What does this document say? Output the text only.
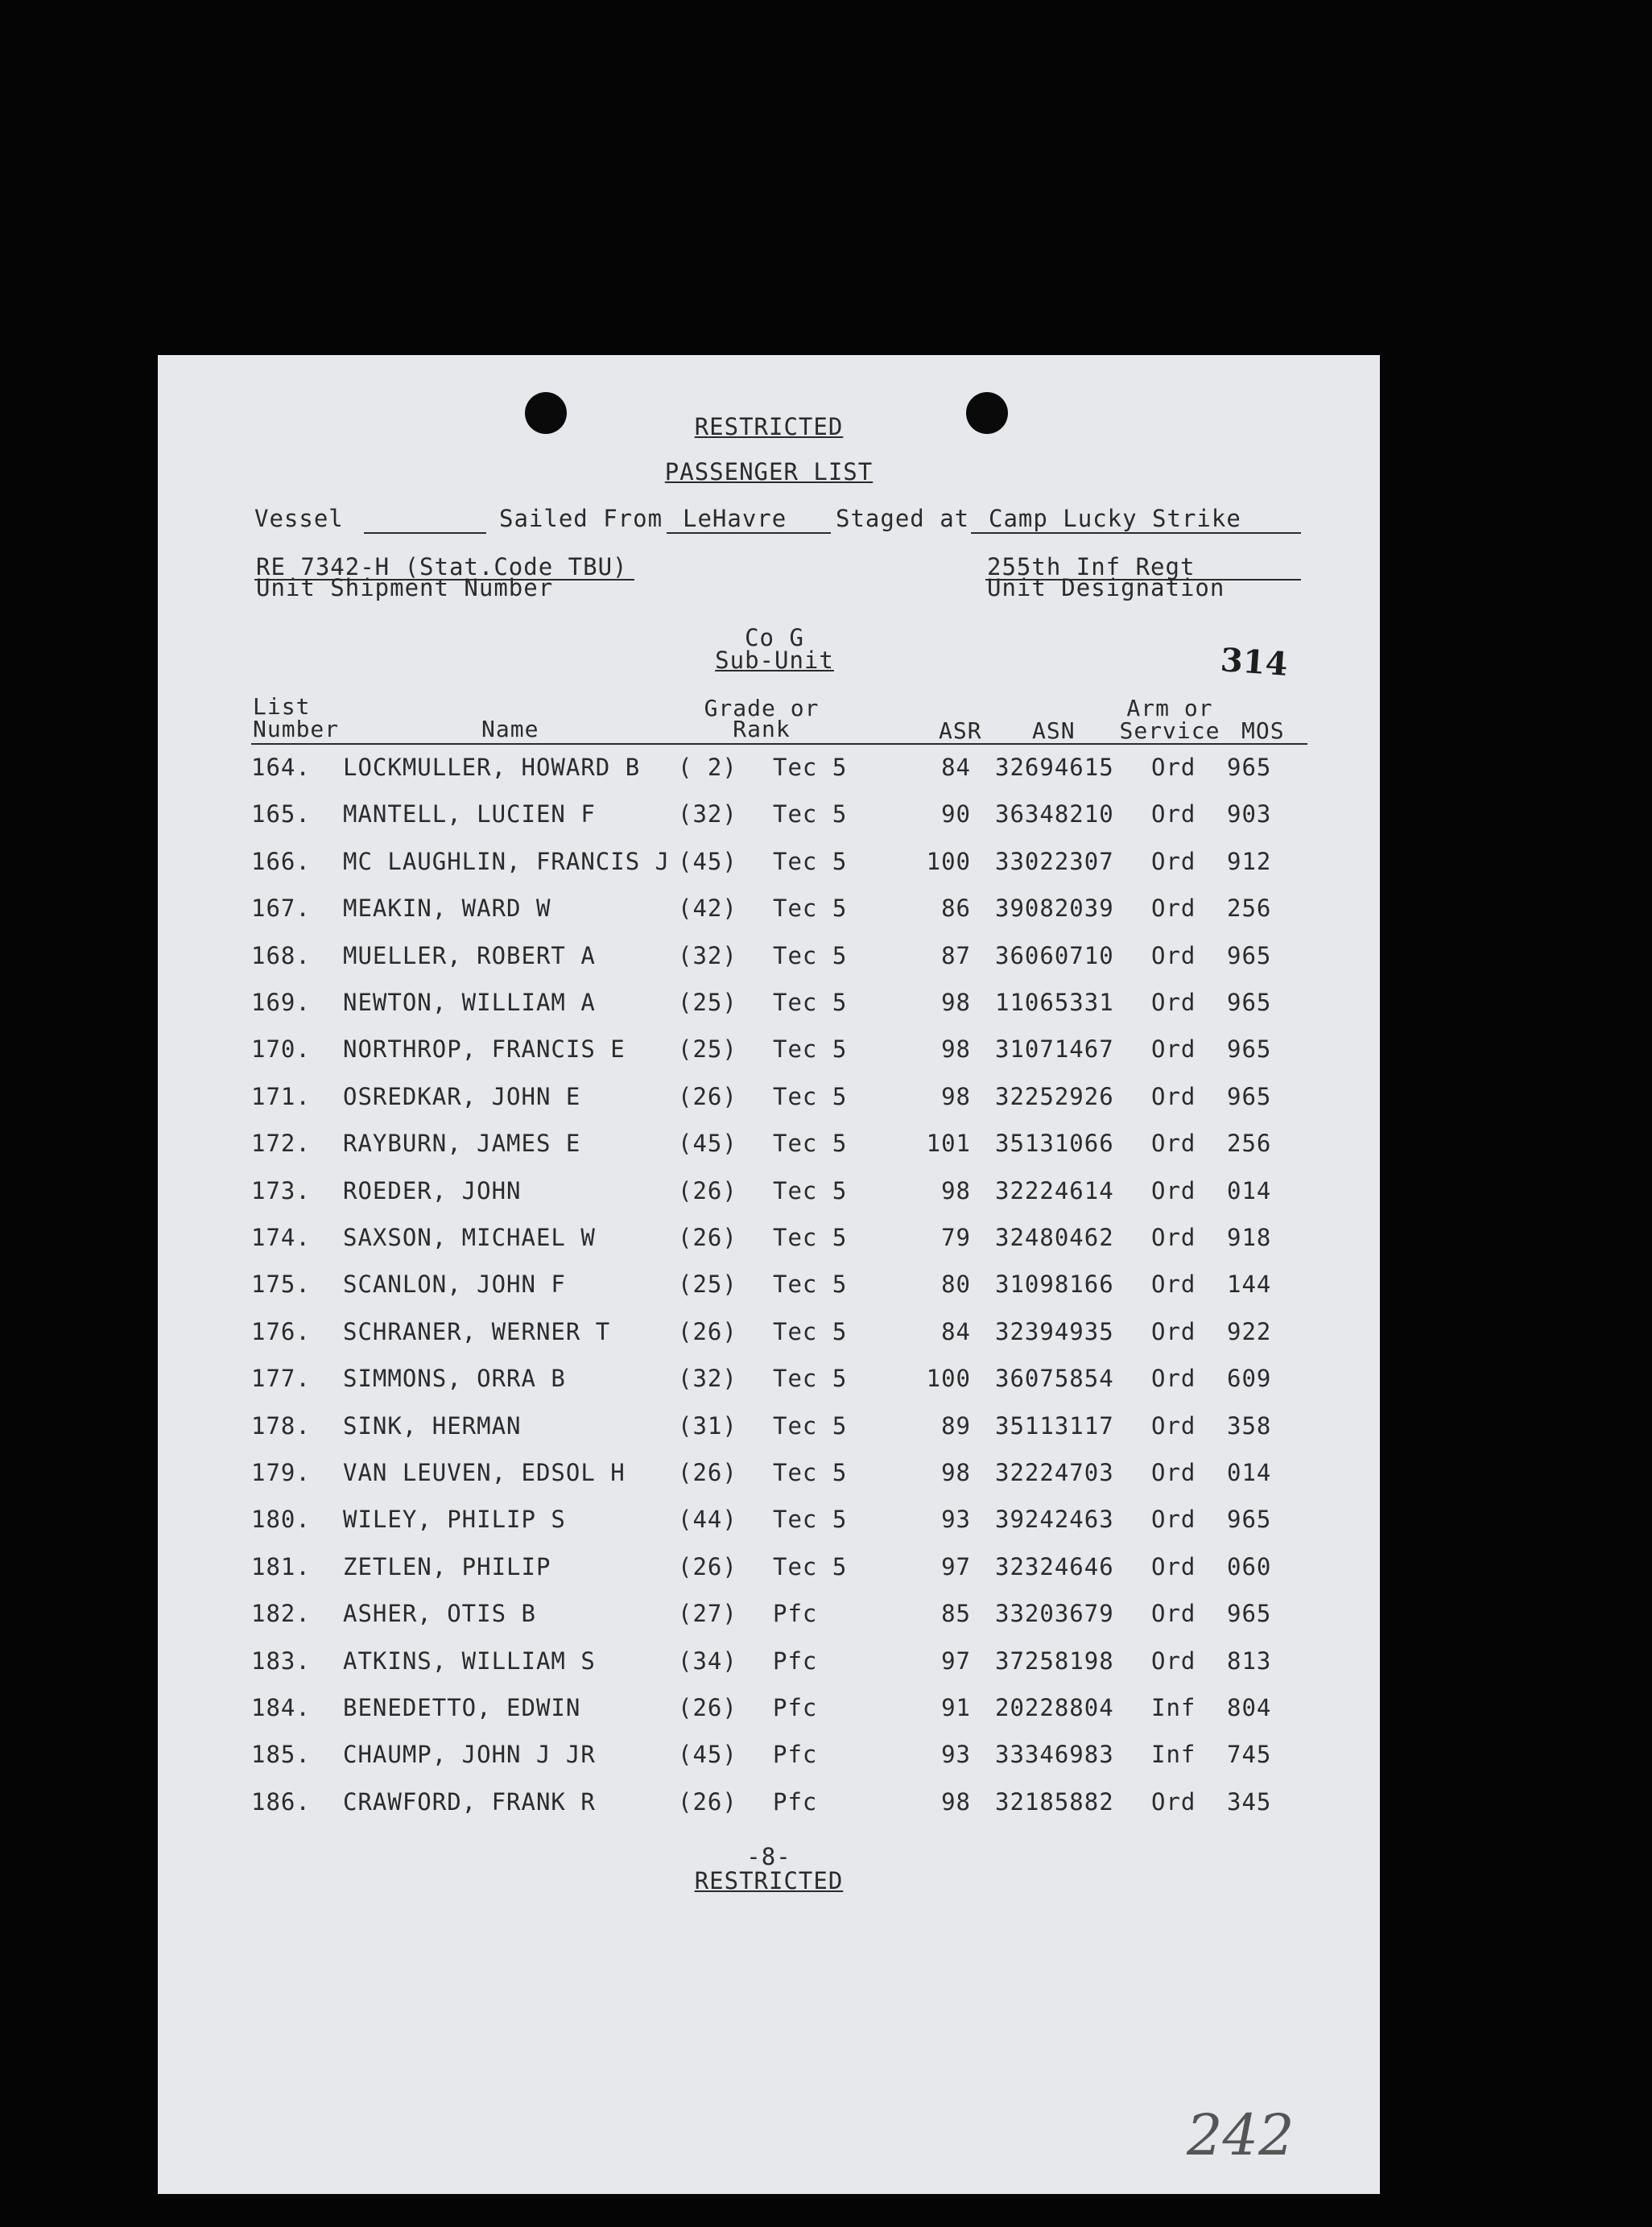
RESTRICTED
PASSENGER LIST
Vessel	Sailed From LeHavre Staged at Camp Lucky Strike
RE 7342-H (Stat.Code TBU)
Unit Shipment Number
255th Inf Regt
Unit Designation
Co G
Sub-Unit	314
List
Number	Name
Grade or
Rank	ASR ASN
Arm or
Service MOS
164. LOCKMULLER, HOWARD B ( 2) Tec 5	84 32694615 Ord 965
165. MANTELL, LUCIEN F	(32) Tec 5	90 36348210 Ord 903
166. MC LAUGHLIN, FRANCIS J (45) Tec 5	100 33022307 Ord 912
167. MEAKIN, WARD W	(42) Tec 5	86 39082039 Ord 256
168. MUELLER, ROBERT A	(32) Tec 5	87 36060710 Ord 965
169. NEWTON, WILLIAM A	(25) Tec 5	98 11065331 Ord 965
170. NORTHROP, FRANCIS E (25) Tec 5	98 31071467 Ord 965
171. OSREDKAR, JOHN E	(26) Tec 5	98 32252926 Ord 965
172. RAYBURN, JAMES E	(45) Tec 5	101 35131066 Ord 256
173. ROEDER, JOHN	(26) Tec 5	98 32224614 Ord 014
174. SAXSON, MICHAEL W	(26) Tec 5	79 32480462 Ord 918
175. SCANLON, JOHN F	(25) Tec 5	80 31098166 Ord 144
176. SCHRANER, WERNER T	(26) Tec 5	84 32394935 Ord 922
177. SIMMONS, ORRA B	(32) Tec 5	100 36075854 Ord 609
178. SINK, HERMAN	(31) Tec 5	89 35113117 Ord 358
179. VAN LEUVEN, EDSOL H (26) Tec 5	98 32224703 Ord 014
180. WILEY, PHILIP S	(44) Tec 5	93 39242463 Ord 965
181. ZETLEN, PHILIP	(26) Tec 5	97 32324646 Ord 060
182. ASHER, OTIS B	(27) Pfc	85 33203679 Ord 965
183. ATKINS, WILLIAM S	(34) Pfc	97 37258198 Ord 813
184. BENEDETTO, EDWIN	(26) Pfc	91 20228804 Inf 804
185. CHAUMP, JOHN J JR	(45) Pfc	93 33346983 Inf 745
186. CRAWFORD, FRANK R	(26) Pfc	98 32185882 Ord 345
-8-
RESTRICTED
242
